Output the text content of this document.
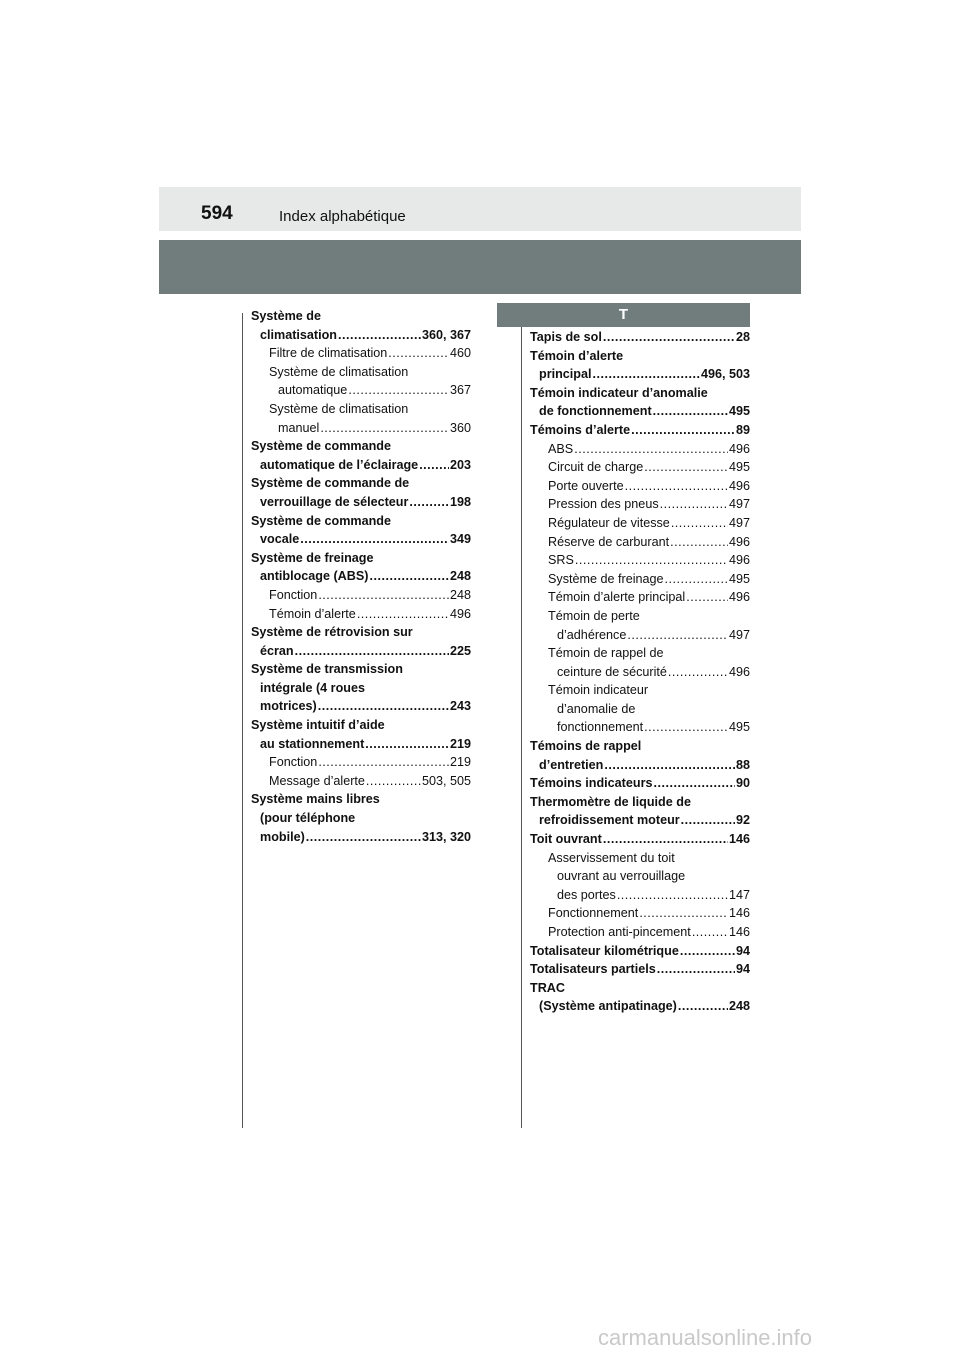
594	Index alphabétique
T
Système de
climatisation .....	360, 367
Filtre de climatisation .....	460
Système de climatisation
automatique .....	367
Système de climatisation
manuel .....	360
Système de commande
automatique de l’éclairage .....	203
Système de commande de
verrouillage de sélecteur .....	198
Système de commande
vocale .....	349
Système de freinage
antiblocage (ABS) .....	248
Fonction .....	248
Témoin d’alerte .....	496
Système de rétrovision sur
écran .....	225
Système de transmission
intégrale (4 roues
motrices) .....	243
Système intuitif d’aide
au stationnement .....	219
Fonction .....	219
Message d’alerte .....	503, 505
Système mains libres
(pour téléphone
mobile) .....	313, 320
Tapis de sol .....	28
Témoin d’alerte
principal .....	496, 503
Témoin indicateur d’anomalie
de fonctionnement .....	495
Témoins d’alerte .....	89
ABS .....	496
Circuit de charge .....	495
Porte ouverte .....	496
Pression des pneus .....	497
Régulateur de vitesse .....	497
Réserve de carburant .....	496
SRS .....	496
Système de freinage .....	495
Témoin d’alerte principal .....	496
Témoin de perte
d’adhérence .....	497
Témoin de rappel de
ceinture de sécurité .....	496
Témoin indicateur
d’anomalie de
fonctionnement .....	495
Témoins de rappel
d’entretien .....	88
Témoins indicateurs .....	90
Thermomètre de liquide de
refroidissement moteur .....	92
Toit ouvrant .....	146
Asservissement du toit
ouvrant au verrouillage
des portes .....	147
Fonctionnement .....	146
Protection anti-pincement .....	146
Totalisateur kilométrique .....	94
Totalisateurs partiels .....	94
TRAC
(Système antipatinage) .....	248
carmanualsonline.info
